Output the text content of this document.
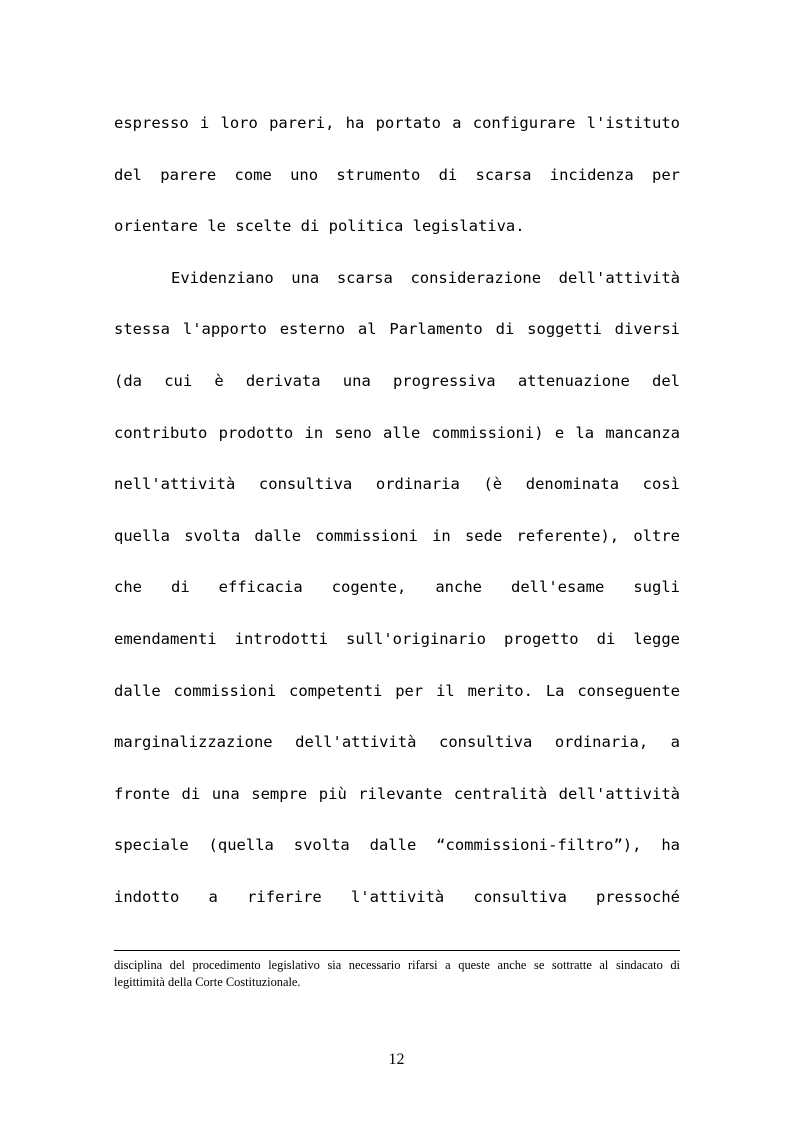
espresso i loro pareri, ha portato a configurare l'istituto
del parere come uno strumento di scarsa incidenza per
orientare le scelte di politica legislativa.
Evidenziano una scarsa considerazione dell'attività
stessa l'apporto esterno al Parlamento di soggetti diversi
(da cui è derivata una progressiva attenuazione del
contributo prodotto in seno alle commissioni) e la mancanza
nell'attività consultiva ordinaria (è denominata così
quella svolta dalle commissioni in sede referente), oltre
che di efficacia cogente, anche dell'esame sugli
emendamenti introdotti sull'originario progetto di legge
dalle commissioni competenti per il merito. La conseguente
marginalizzazione dell'attività consultiva ordinaria, a
fronte di una sempre più rilevante centralità dell'attività
speciale (quella svolta dalle “commissioni-filtro”), ha
indotto a riferire l'attività consultiva pressoché
disciplina del procedimento legislativo sia necessario rifarsi a queste anche se sottratte al sindacato di
legittimità della Corte Costituzionale.
12
